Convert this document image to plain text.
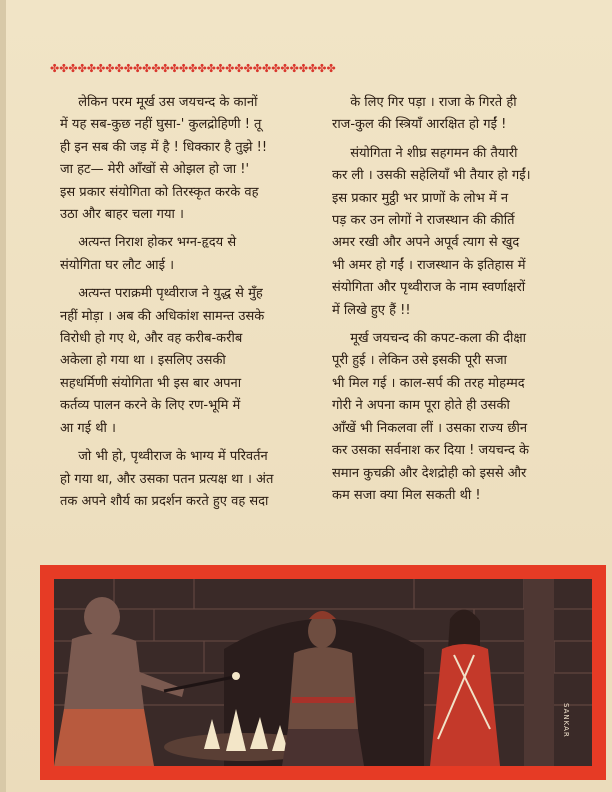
✤✤✤✤✤✤✤✤✤✤✤✤✤✤✤✤✤✤✤✤✤✤✤✤✤✤✤✤✤✤✤

लेकिन परम मूर्ख उस जयचन्द के कानों
में यह सब-कुछ नहीं घुसा-' कुलद्रोहिणी ! तू
ही इन सब की जड़ में है ! धिक्कार है तुझे !!
जा हट— मेरी आँखों से ओझल हो जा !'
इस प्रकार संयोगिता को तिरस्कृत करके वह
उठा और बाहर चला गया ।

अत्यन्त निराश होकर भग्न-हृदय से
संयोगिता घर लौट आई ।

अत्यन्त पराक्रमी पृथ्वीराज ने युद्ध से मुँह
नहीं मोड़ा । अब की अधिकांश सामन्त उसके
विरोधी हो गए थे, और वह करीब-करीब
अकेला हो गया था । इसलिए उसकी
सहधर्मिणी संयोगिता भी इस बार अपना
कर्तव्य पालन करने के लिए रण-भूमि में
आ गई थी ।

जो भी हो, पृथ्वीराज के भाग्य में परिवर्तन
हो गया था, और उसका पतन प्रत्यक्ष था । अंत
तक अपने शौर्य का प्रदर्शन करते हुए वह सदा

के लिए गिर पड़ा । राजा के गिरते ही
राज-कुल की स्त्रियाँ आरक्षित हो गईं !

संयोगिता ने शीघ्र सहगमन की तैयारी
कर ली । उसकी सहेलियाँ भी तैयार हो गईं।
इस प्रकार मुट्ठी भर प्राणों के लोभ में न
पड़ कर उन लोगों ने राजस्थान की कीर्ति
अमर रखी और अपने अपूर्व त्याग से खुद
भी अमर हो गईं । राजस्थान के इतिहास में
संयोगिता और पृथ्वीराज के नाम स्वर्णाक्षरों
में लिखे हुए हैं !!

मूर्ख जयचन्द की कपट-कला की दीक्षा
पूरी हुई । लेकिन उसे इसकी पूरी सजा
भी मिल गई । काल-सर्प की तरह मोहम्मद
गोरी ने अपना काम पूरा होते ही उसकी
आँखें भी निकलवा लीं । उसका राज्य छीन
कर उसका सर्वनाश कर दिया ! जयचन्द के
समान कुचक्री और देशद्रोही को इससे और
कम सजा क्या मिल सकती थी !

SANKAR
